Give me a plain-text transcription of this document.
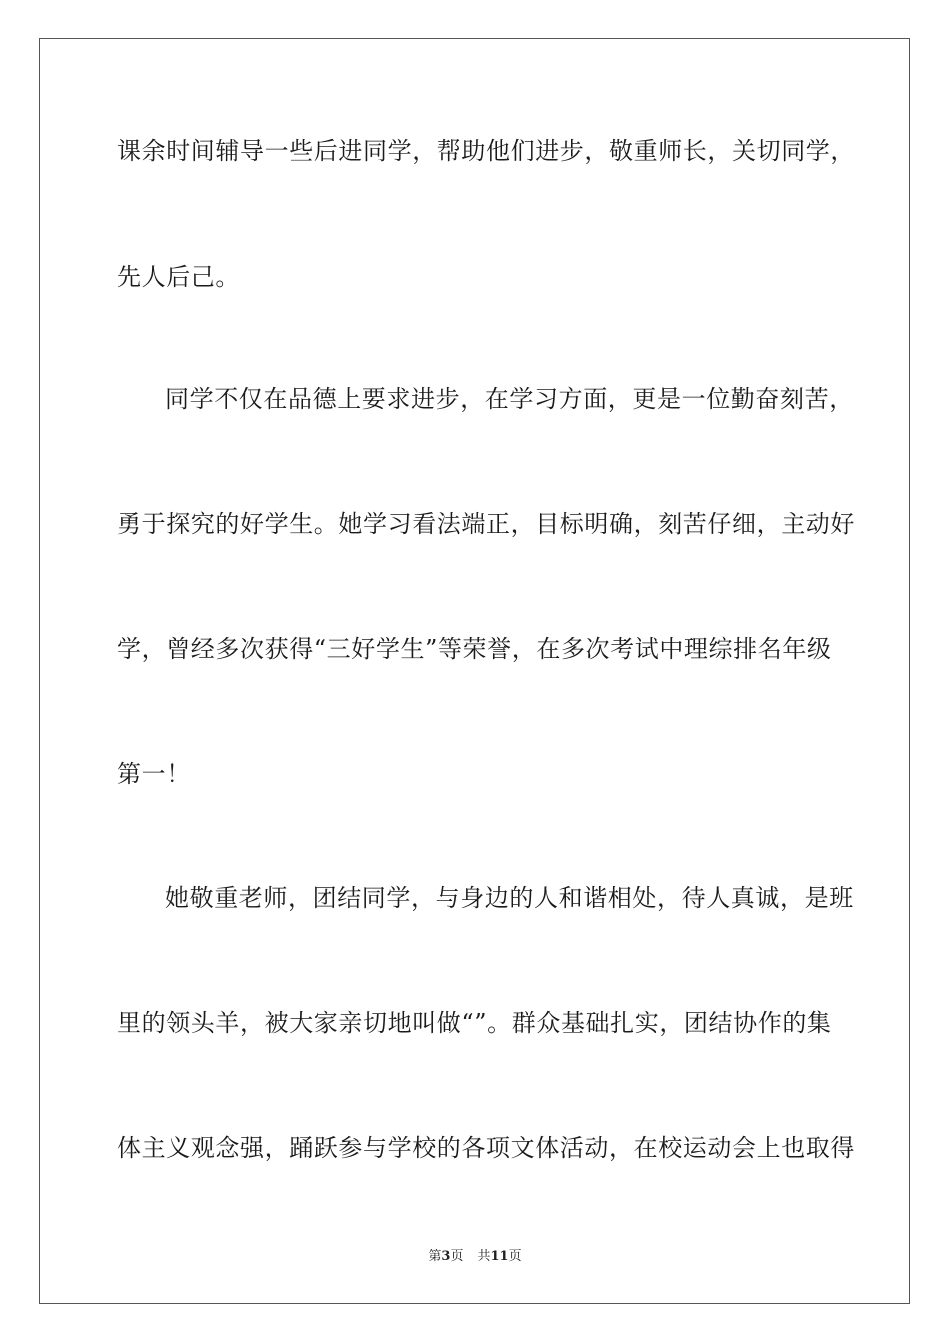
课余时间辅导一些后进同学，帮助他们进步，敬重师长，关切同学，
先人后己。
同学不仅在品德上要求进步，在学习方面，更是一位勤奋刻苦，
勇于探究的好学生。她学习看法端正，目标明确，刻苦仔细，主动好
学，曾经多次获得“三好学生”等荣誉，在多次考试中理综排名年级
第一！
她敬重老师，团结同学，与身边的人和谐相处，待人真诚，是班
里的领头羊，被大家亲切地叫做“”。群众基础扎实，团结协作的集
体主义观念强，踊跃参与学校的各项文体活动，在校运动会上也取得
第3页 共11页
